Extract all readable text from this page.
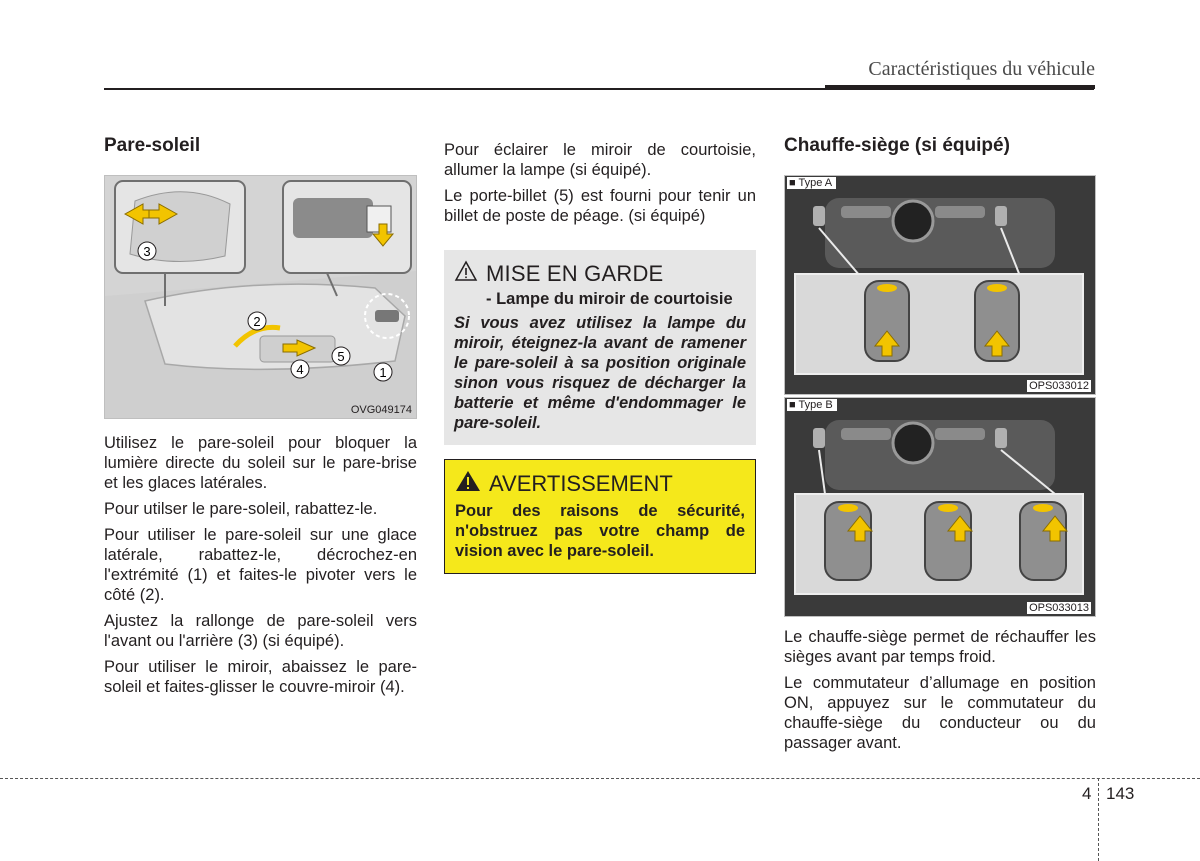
Caractéristiques du véhicule
Pare-soleil
3
2
4
5
1
OVG049174

Utilisez le pare-soleil pour bloquer la lumière directe du soleil sur le pare-brise et les glaces latérales.

Pour utilser le pare-soleil, rabattez-le.

Pour utiliser le pare-soleil sur une glace latérale, rabattez-le, décrochez-en l'extrémité (1) et faites-le pivoter vers le côté (2).

Ajustez la rallonge de pare-soleil vers l'avant ou l'arrière (3) (si équipé).

Pour utiliser le miroir, abaissez le pare-soleil et faites-glisser le couvre-miroir (4).

Pour éclairer le miroir de courtoisie, allumer la lampe (si équipé).

Le porte-billet (5) est fourni pour tenir un billet de poste de péage. (si équipé)

MISE EN GARDE
- Lampe du miroir de courtoisie
Si vous avez utilisez la lampe du miroir, éteignez-la avant de ramener le pare-soleil à sa position originale sinon vous risquez de décharger la batterie et même d'endommager le pare-soleil.
AVERTISSEMENT
Pour des raisons de sécurité, n'obstruez pas votre champ de vision avec le pare-soleil.
Chauffe-siège (si équipé)
■ Type A
OPS033012
■ Type B
OPS033013

Le chauffe-siège permet de réchauffer les sièges avant par temps froid.

Le commutateur d’allumage en position ON, appuyez sur le commutateur du chauffe-siège du conducteur ou du passager avant.

4 143
